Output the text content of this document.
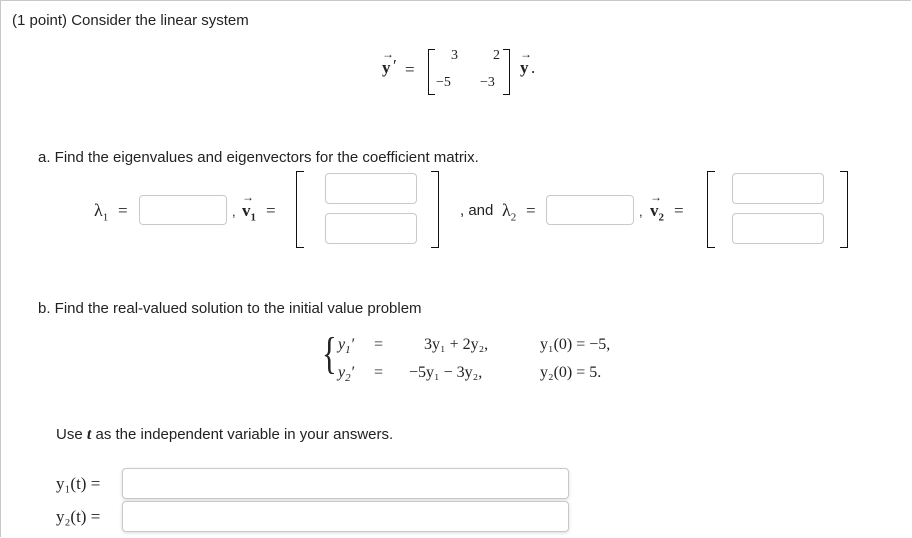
(1 point) Consider the linear system
→ y ′ =
3	2
−5 −3
→ y .
a. Find the eigenvalues and eigenvectors for the coefficient matrix.
$\lambda_1$ =	, → $v_1$ =	, and $\lambda_2$ =	, → $v_2$ =
b. Find the real-valued solution to the initial value problem
{ $y_1'$ =	3y₁ + 2y₂,	y₁(0) = −5,
$y_2' = -5y_1 - 3y_2$,	y₂(0) = 5.
Use t as the independent variable in your answers.
y₁(t) =
y₂(t) =
